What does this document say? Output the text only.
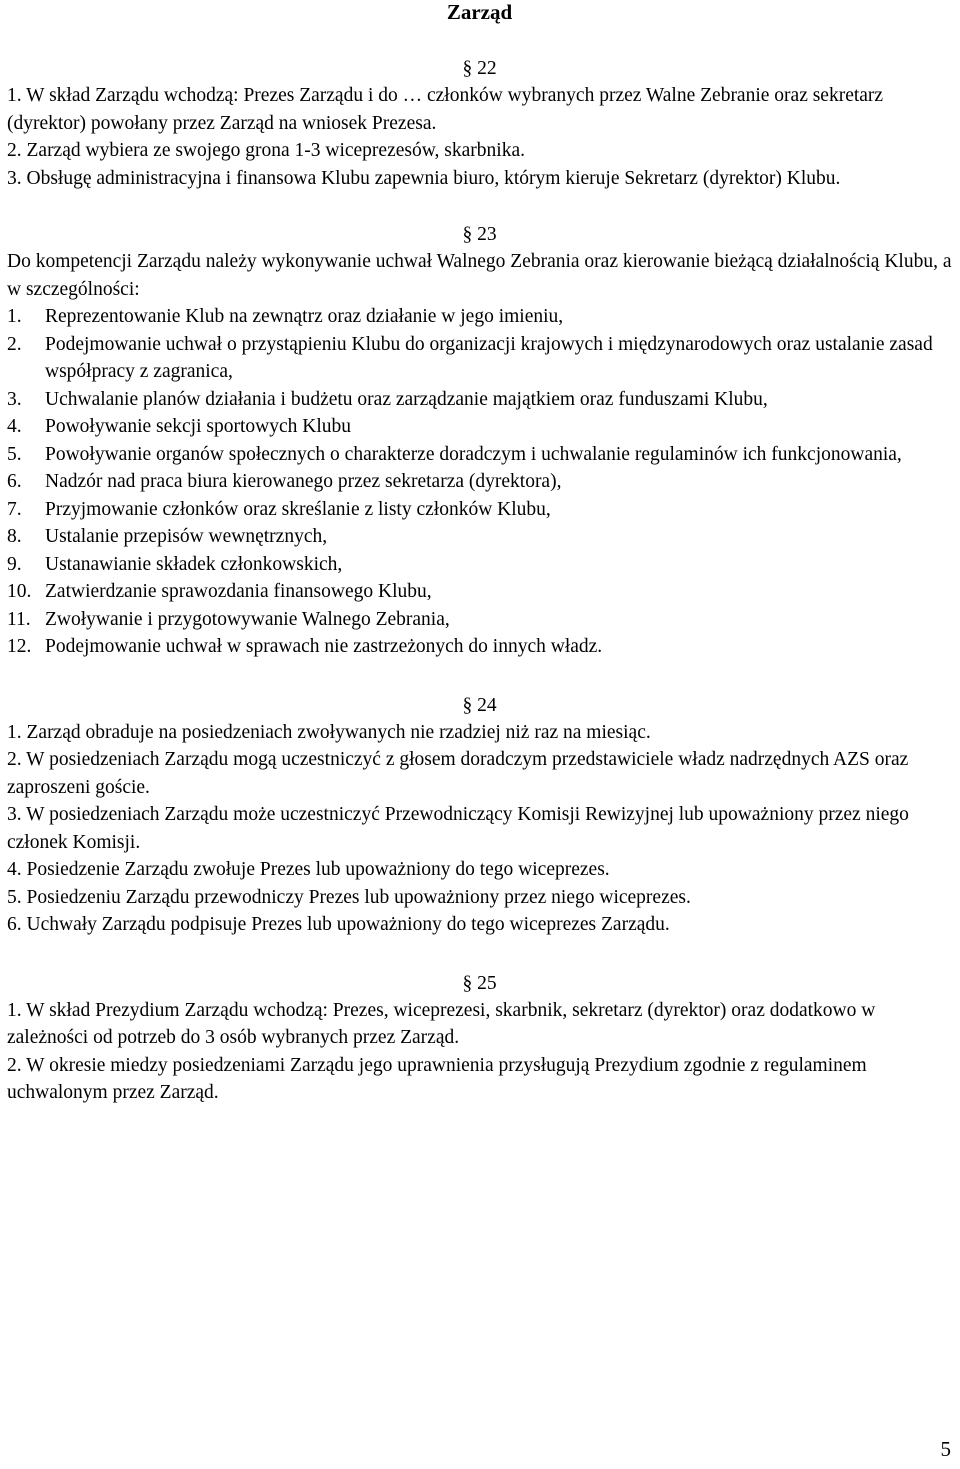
Zarząd

§ 22

1. W skład Zarządu wchodzą: Prezes Zarządu i do … członków wybranych przez Walne Zebranie oraz sekretarz (dyrektor) powołany przez Zarząd na wniosek Prezesa.

2. Zarząd wybiera ze swojego grona 1-3 wiceprezesów, skarbnika.

3. Obsługę administracyjna i finansowa Klubu zapewnia biuro, którym kieruje Sekretarz (dyrektor) Klubu.

§ 23

Do kompetencji Zarządu należy wykonywanie uchwał Walnego Zebrania oraz kierowanie bieżącą działalnością Klubu, a w szczególności:

1.	Reprezentowanie Klub na zewnątrz oraz działanie w jego imieniu,
2.	Podejmowanie uchwał o przystąpieniu Klubu do organizacji krajowych i międzynarodowych oraz ustalanie zasad współpracy z zagranica,
3.	Uchwalanie planów działania i budżetu oraz zarządzanie majątkiem oraz funduszami Klubu,
4.	Powoływanie sekcji sportowych Klubu
5.	Powoływanie organów społecznych o charakterze doradczym i uchwalanie regulaminów ich funkcjonowania,
6.	Nadzór nad praca biura kierowanego przez sekretarza (dyrektora),
7.	Przyjmowanie członków oraz skreślanie z listy członków Klubu,
8.	Ustalanie przepisów wewnętrznych,
9.	Ustanawianie składek członkowskich,
10. Zatwierdzanie sprawozdania finansowego Klubu,
11. Zwoływanie i przygotowywanie Walnego Zebrania,
12. Podejmowanie uchwał w sprawach nie zastrzeżonych do innych władz.

§ 24

1. Zarząd obraduje na posiedzeniach zwoływanych nie rzadziej niż raz na miesiąc.

2. W posiedzeniach Zarządu mogą uczestniczyć z głosem doradczym przedstawiciele władz nadrzędnych AZS oraz zaproszeni goście.

3. W posiedzeniach Zarządu może uczestniczyć Przewodniczący Komisji Rewizyjnej lub upoważniony przez niego członek Komisji.

4. Posiedzenie Zarządu zwołuje Prezes lub upoważniony do tego wiceprezes.

5. Posiedzeniu Zarządu przewodniczy Prezes lub upoważniony przez niego wiceprezes.

6. Uchwały Zarządu podpisuje Prezes lub upoważniony do tego wiceprezes Zarządu.

§ 25

1. W skład Prezydium Zarządu wchodzą: Prezes, wiceprezesi, skarbnik, sekretarz (dyrektor) oraz dodatkowo w zależności od potrzeb do 3 osób wybranych przez Zarząd.

2. W okresie miedzy posiedzeniami Zarządu jego uprawnienia przysługują Prezydium zgodnie z regulaminem uchwalonym przez Zarząd.

5
